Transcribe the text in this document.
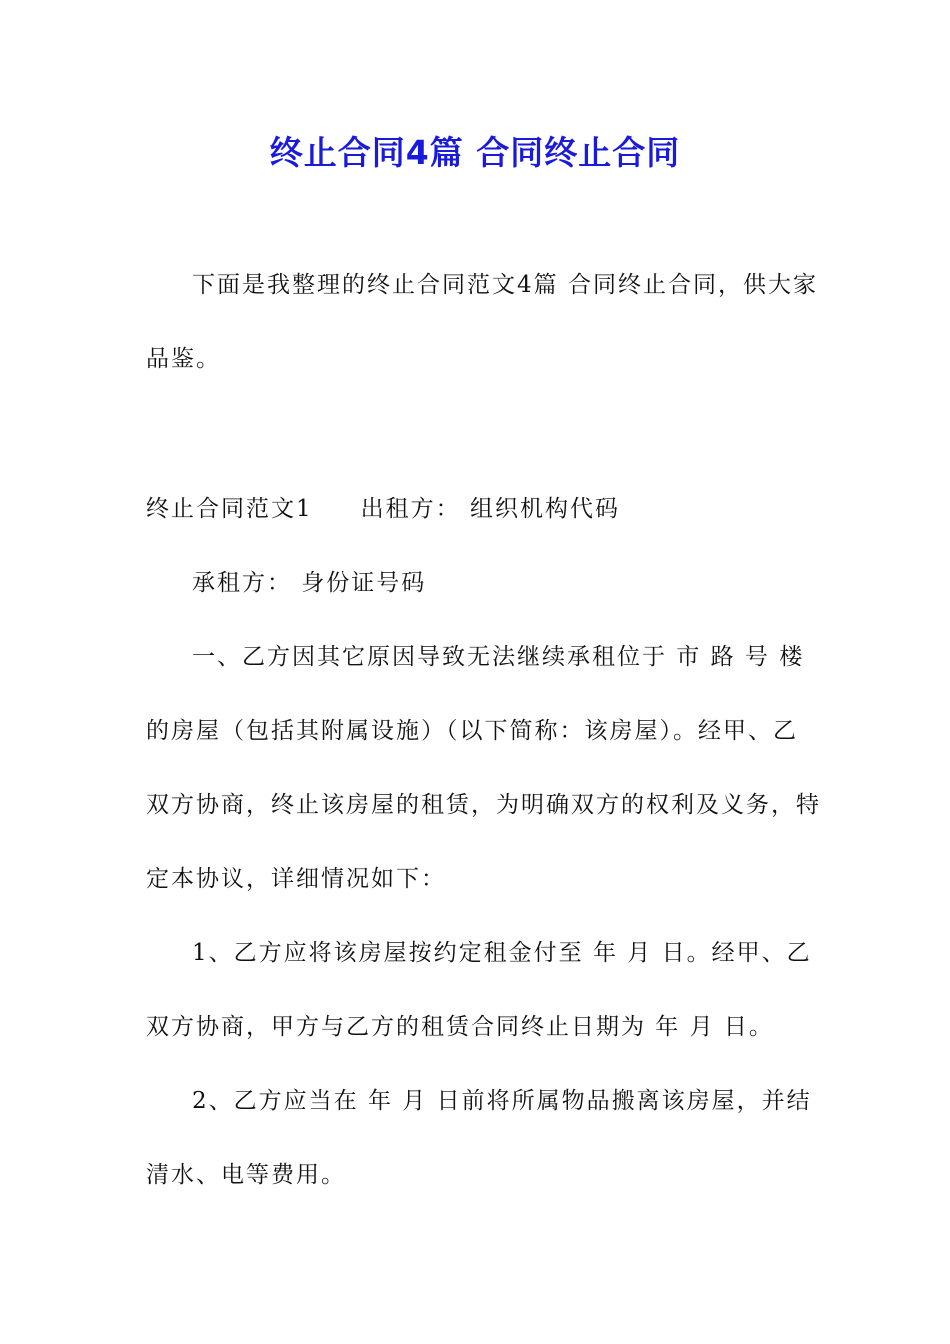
终止合同4篇 合同终止合同
下面是我整理的终止合同范文4篇 合同终止合同，供大家
品鉴。
终止合同范文1 出租方： 组织机构代码
承租方： 身份证号码
一、乙方因其它原因导致无法继续承租位于 市 路 号 楼
的房屋（包括其附属设施）（以下简称：该房屋）。经甲、乙
双方协商，终止该房屋的租赁，为明确双方的权利及义务，特
定本协议，详细情况如下：
1、乙方应将该房屋按约定租金付至 年 月 日。经甲、乙
双方协商，甲方与乙方的租赁合同终止日期为 年 月 日。
2、乙方应当在 年 月 日前将所属物品搬离该房屋，并结
清水、电等费用。
